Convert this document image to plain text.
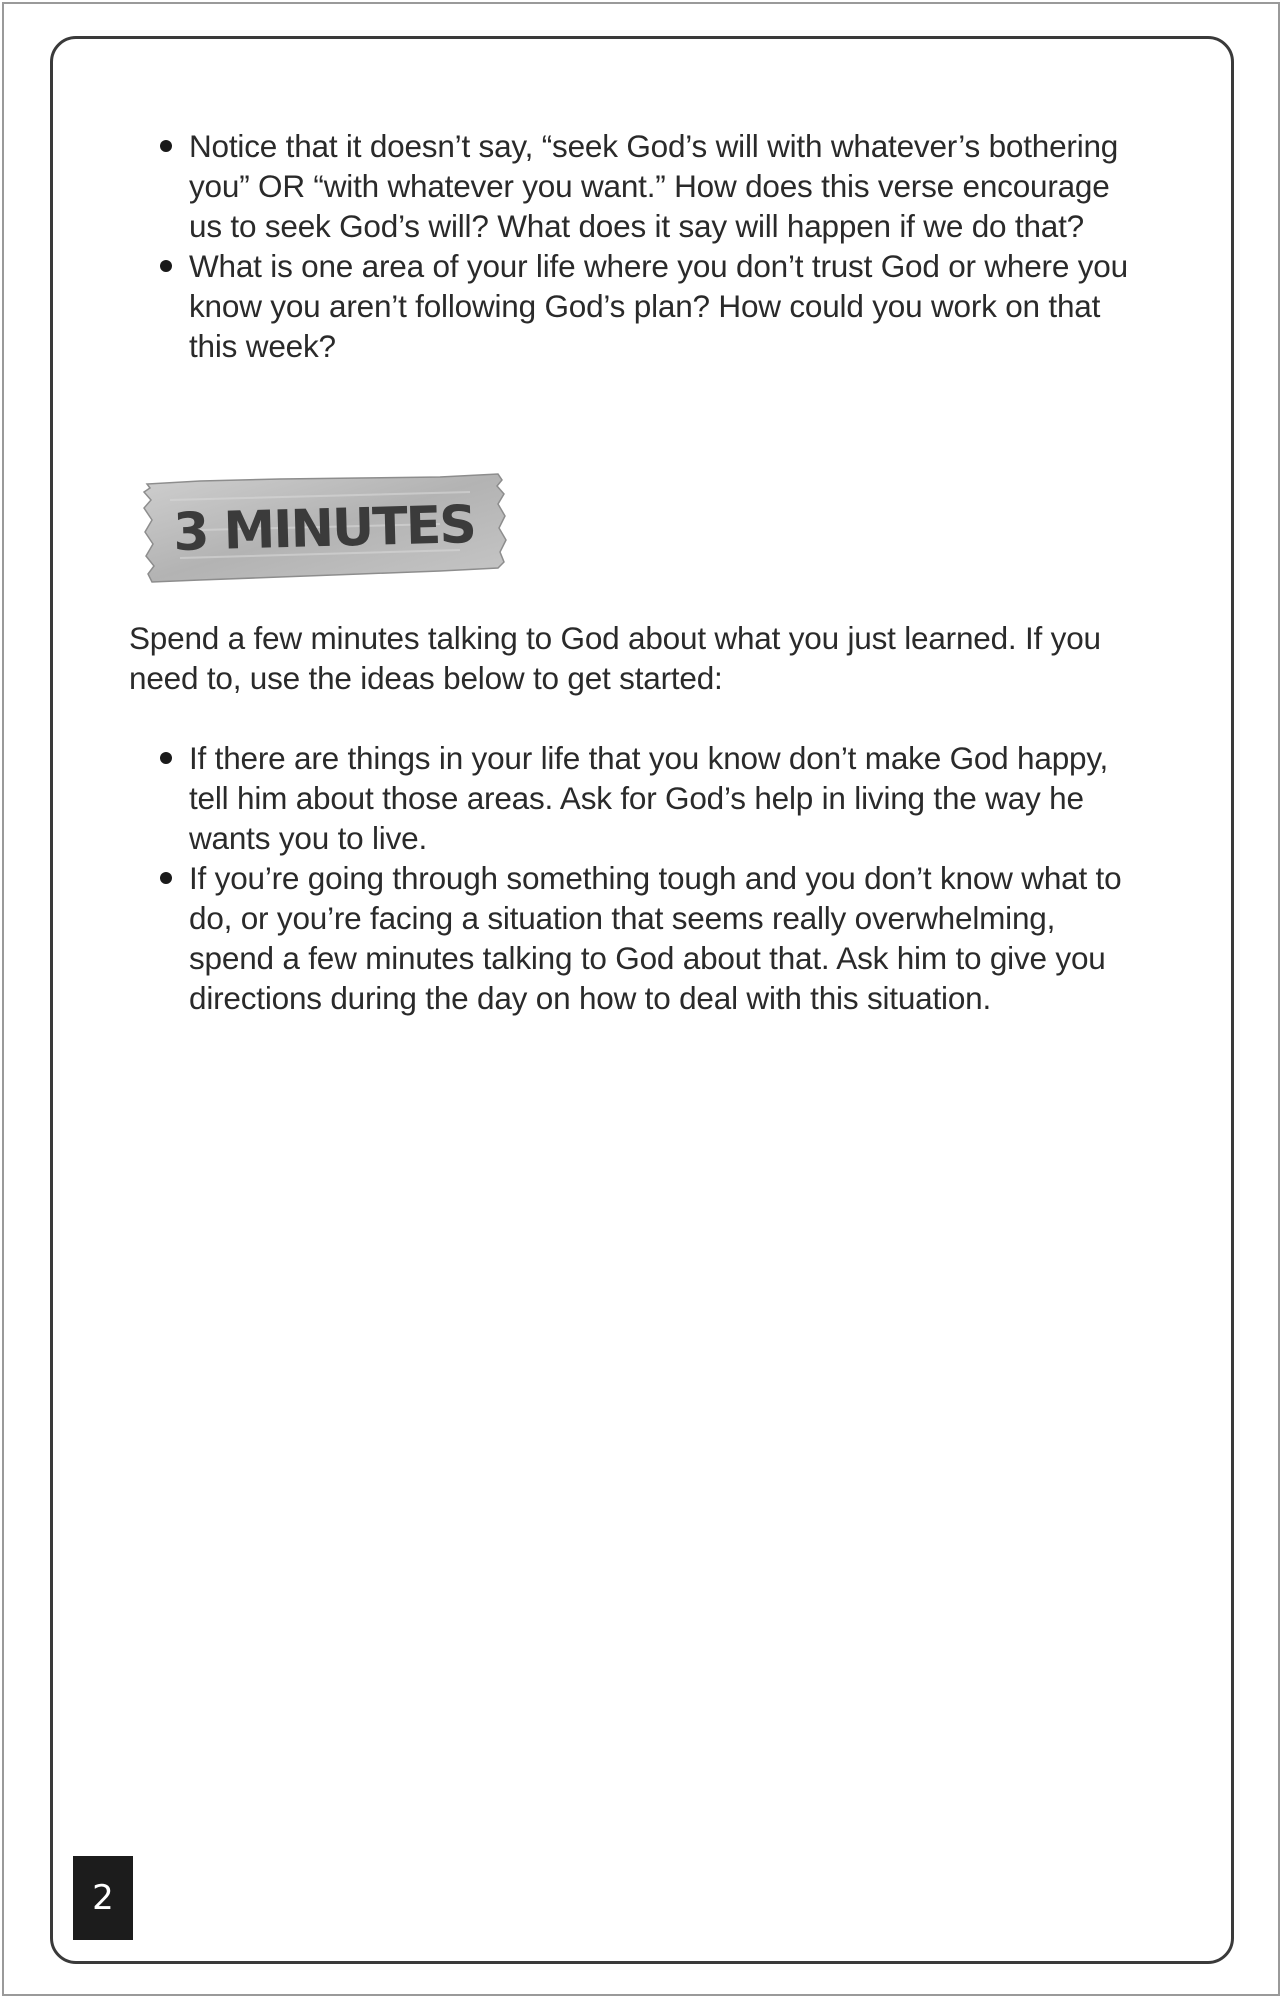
Notice that it doesn’t say, “seek God’s will with whatever’s bothering you” OR “with whatever you want.” How does this verse encourage us to seek God’s will? What does it say will happen if we do that?
What is one area of your life where you don’t trust God or where you know you aren’t following God’s plan? How could you work on that this week?
3 MINUTES

Spend a few minutes talking to God about what you just learned. If you need to, use the ideas below to get started:

If there are things in your life that you know don’t make God happy, tell him about those areas. Ask for God’s help in living the way he wants you to live.
If you’re going through something tough and you don’t know what to do, or you’re facing a situation that seems really overwhelming, spend a few minutes talking to God about that. Ask him to give you directions during the day on how to deal with this situation.
2
